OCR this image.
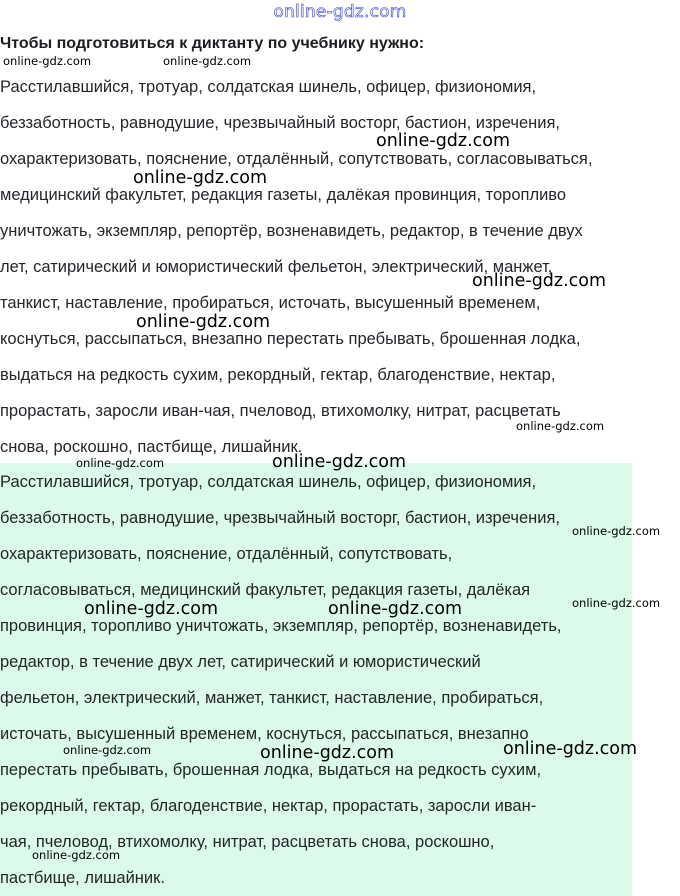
online-gdz.com
Чтобы подготовиться к диктанту по учебнику нужно:
Расстилавшийся, тротуар, солдатская шинель, офицер, физиономия,
беззаботность, равнодушие, чрезвычайный восторг, бастион, изречения,
охарактеризовать, пояснение, отдалённый, сопутствовать, согласовываться,
медицинский факультет, редакция газеты, далёкая провинция, торопливо
уничтожать, экземпляр, репортёр, возненавидеть, редактор, в течение двух
лет, сатирический и юмористический фельетон, электрический, манжет,
танкист, наставление, пробираться, источать, высушенный временем,
коснуться, рассыпаться, внезапно перестать пребывать, брошенная лодка,
выдаться на редкость сухим, рекордный, гектар, благоденствие, нектар,
прорастать, заросли иван-чая, пчеловод, втихомолку, нитрат, расцветать
снова, роскошно, пастбище, лишайник.
Расстилавшийся, тротуар, солдатская шинель, офицер, физиономия,
беззаботность, равнодушие, чрезвычайный восторг, бастион, изречения,
охарактеризовать, пояснение, отдалённый, сопутствовать,
согласовываться, медицинский факультет, редакция газеты, далёкая
провинция, торопливо уничтожать, экземпляр, репортёр, возненавидеть,
редактор, в течение двух лет, сатирический и юмористический
фельетон, электрический, манжет, танкист, наставление, пробираться,
источать, высушенный временем, коснуться, рассыпаться, внезапно
перестать пребывать, брошенная лодка, выдаться на редкость сухим,
рекордный, гектар, благоденствие, нектар, прорастать, заросли иван-
чая, пчеловод, втихомолку, нитрат, расцветать снова, роскошно,
пастбище, лишайник.
online-gdz.com	online-gdz.com
online-gdz.com
online-gdz.com
online-gdz.com
online-gdz.com
online-gdz.com
online-gdz.com	online-gdz.com
online-gdz.com
online-gdz.com
online-gdz.com	online-gdz.com
online-gdz.com	online-gdz.com	online-gdz.com
online-gdz.com
